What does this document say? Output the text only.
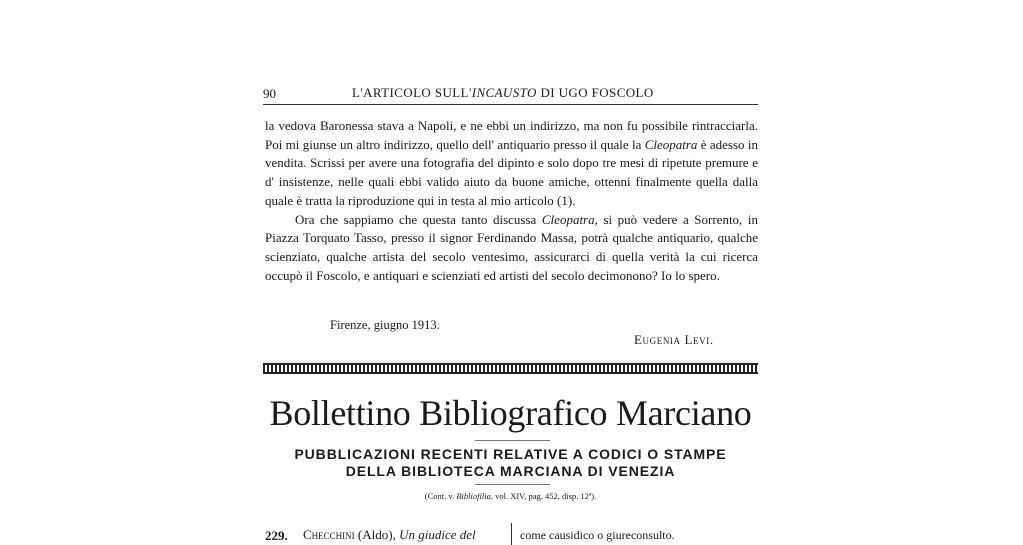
90	L'ARTICOLO SULL'INCAUSTO DI UGO FOSCOLO

la vedova Baronessa stava a Napoli, e ne ebbi un indirizzo, ma non fu possibile rintracciarla. Poi mi giunse un altro indirizzo, quello dell' antiquario presso il quale la Cleopatra è adesso in vendita. Scrissi per avere una fotografia del dipinto e solo dopo tre mesi di ripetute premure e d' insistenze, nelle quali ebbi valido aiuto da buone amiche, ottenni finalmente quella dalla quale è tratta la riproduzione qui in testa al mio articolo (1).

Ora che sappiamo che questa tanto discussa Cleopatra, si può vedere a Sorrento, in Piazza Torquato Tasso, presso il signor Ferdinando Massa, potrà qualche antiquario, qualche scienziato, qualche artista del secolo ventesimo, assicurarci di quella verità la cui ricerca occupò il Foscolo, e antiquari e scienziati ed artisti del secolo decimonono? Io lo spero.

Firenze, giugno 1913.
Eugenia Levi.
Bollettino Bibliografico Marciano
PUBBLICAZIONI RECENTI RELATIVE A CODICI O STAMPE
DELLA BIBLIOTECA MARCIANA DI VENEZIA
(Cont. v. Bibliofilia, vol. XIV, pag. 452, disp. 12ª).
229. Checchini (Aldo), Un giudice del	come causidico o giureconsulto.
